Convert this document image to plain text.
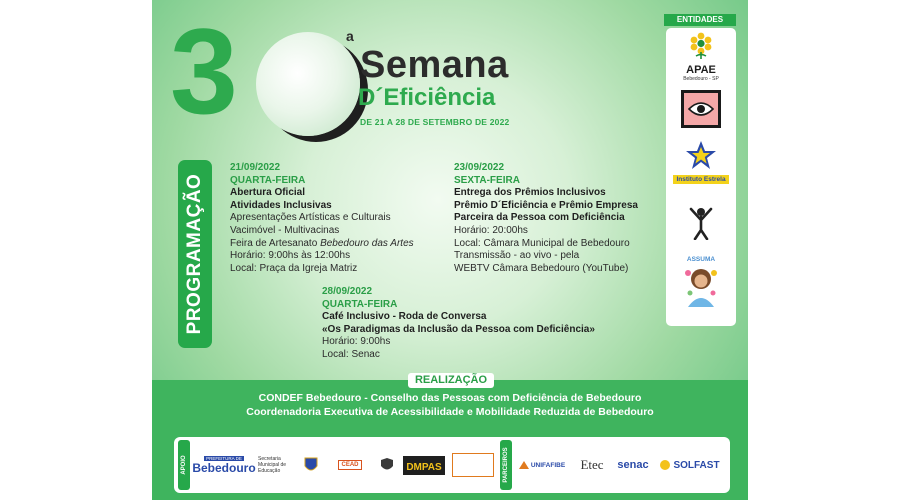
3	a
Semana
D´Eficiência
DE 21 A 28 DE SETEMBRO DE 2022
PROGRAMAÇÃO
21/09/2022
QUARTA-FEIRA
Abertura Oficial
Atividades Inclusivas
Apresentações Artísticas e Culturais
Vacimóvel - Multivacinas
Feira de Artesanato Bebedouro das Artes
Horário: 9:00hs às 12:00hs
Local: Praça da Igreja Matriz
23/09/2022
SEXTA-FEIRA
Entrega dos Prêmios Inclusivos
Prêmio D´Eficiência e Prêmio Empresa
Parceira da Pessoa com Deficiência
Horário: 20:00hs
Local: Câmara Municipal de Bebedouro
Transmissão - ao vivo - pela
WEBTV Câmara Bebedouro (YouTube)
28/09/2022
QUARTA-FEIRA
Café Inclusivo - Roda de Conversa
«Os Paradigmas da Inclusão da Pessoa com Deficiência»
Horário: 9:00hs
Local: Senac
ENTIDADES
APAE
Bebedouro - SP
Instituto Estrela
ASSUMA
REALIZAÇÃO
CONDEF Bebedouro - Conselho das Pessoas com Deficiência de Bebedouro
Coordenadoria Executiva de Acessibilidade e Mobilidade Reduzida de Bebedouro
APOIO	PREFEITURA DE
Bebedouro
Secretaria
Municipal de
Educação
CEAD	DMPAS	PARCEIROS	UNIFAFIBE Etec senac SOLFAST
